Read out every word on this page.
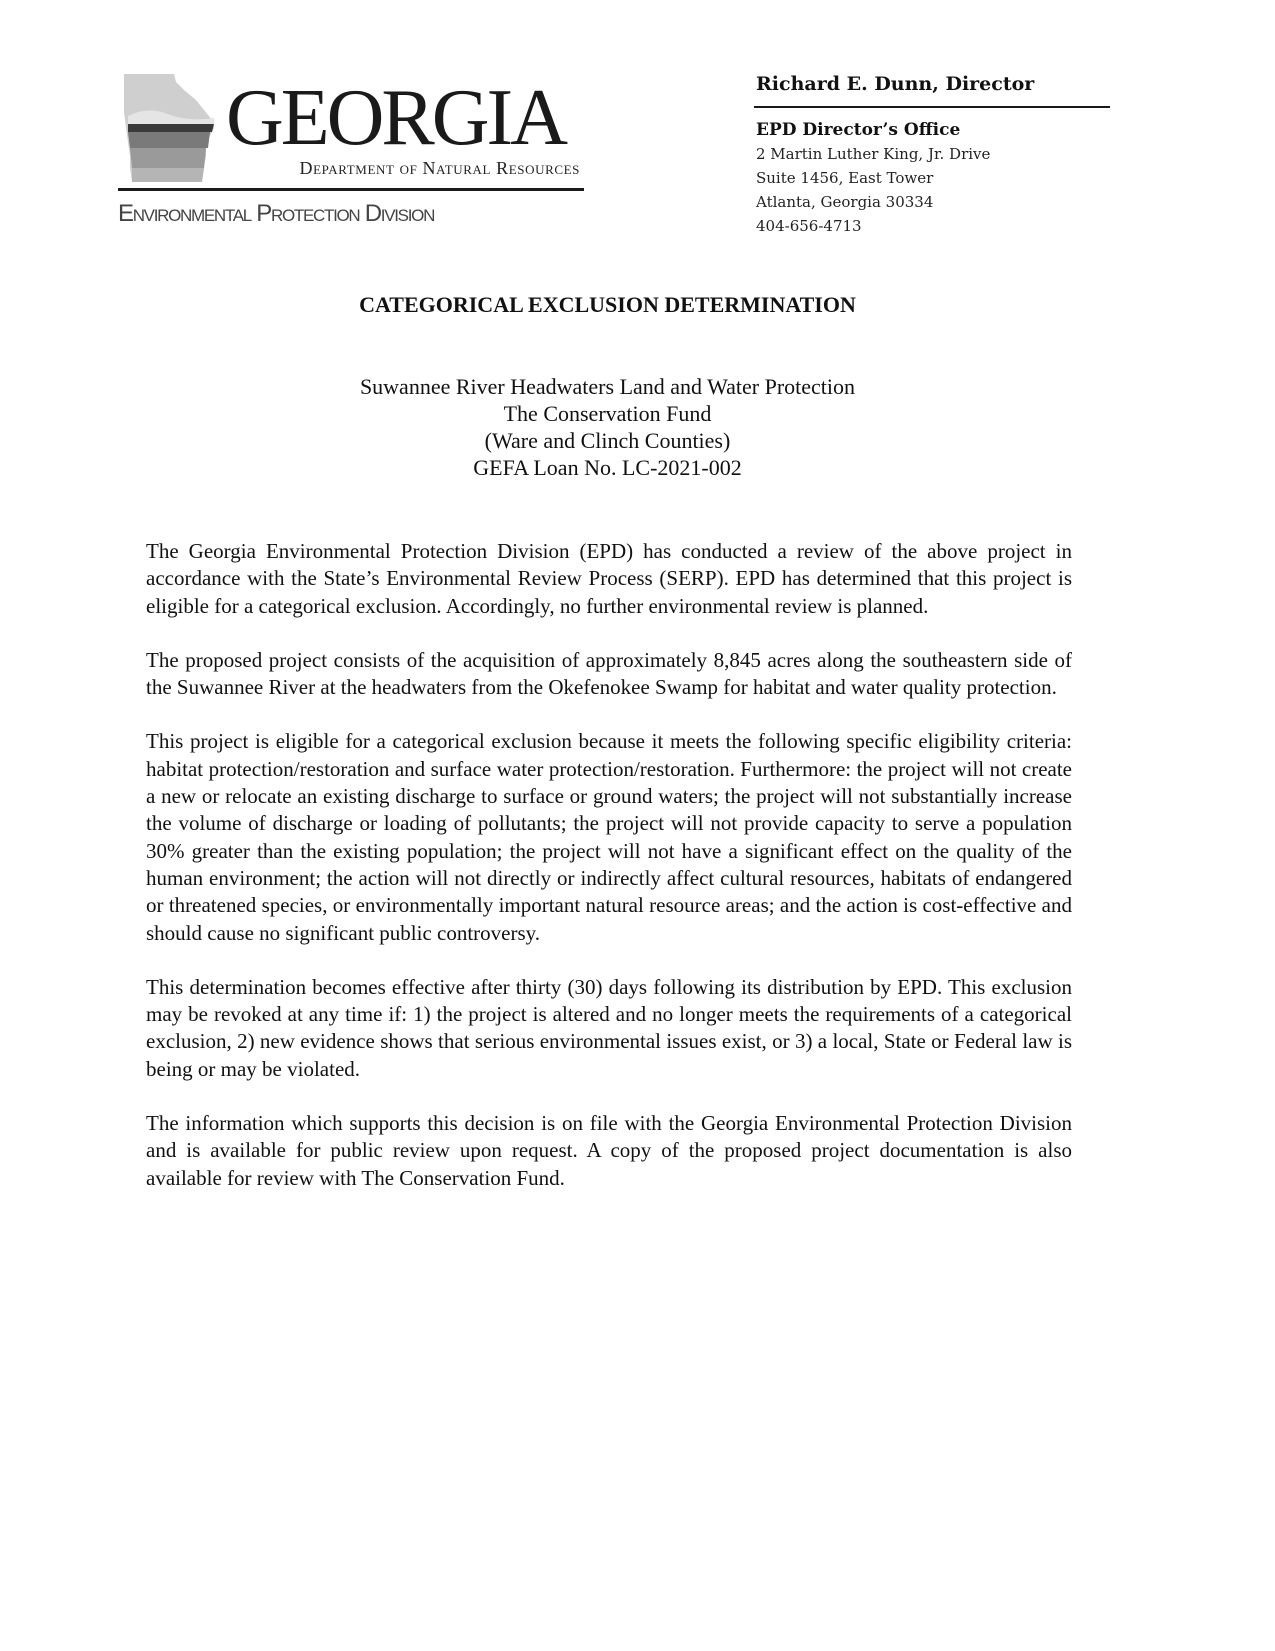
GEORGIA
Department of Natural Resources
Environmental Protection Division
Richard E. Dunn, Director
EPD Director’s Office
2 Martin Luther King, Jr. Drive
Suite 1456, East Tower
Atlanta, Georgia 30334
404-656-4713
CATEGORICAL EXCLUSION DETERMINATION
Suwannee River Headwaters Land and Water Protection
The Conservation Fund
(Ware and Clinch Counties)
GEFA Loan No. LC-2021-002

The Georgia Environmental Protection Division (EPD) has conducted a review of the above project in accordance with the State’s Environmental Review Process (SERP). EPD has determined that this project is eligible for a categorical exclusion. Accordingly, no further environmental review is planned.

The proposed project consists of the acquisition of approximately 8,845 acres along the southeastern side of the Suwannee River at the headwaters from the Okefenokee Swamp for habitat and water quality protection.

This project is eligible for a categorical exclusion because it meets the following specific eligibility criteria: habitat protection/restoration and surface water protection/restoration. Furthermore: the project will not create a new or relocate an existing discharge to surface or ground waters; the project will not substantially increase the volume of discharge or loading of pollutants; the project will not provide capacity to serve a population 30% greater than the existing population; the project will not have a significant effect on the quality of the human environment; the action will not directly or indirectly affect cultural resources, habitats of endangered or threatened species, or environmentally important natural resource areas; and the action is cost-effective and should cause no significant public controversy.

This determination becomes effective after thirty (30) days following its distribution by EPD. This exclusion may be revoked at any time if: 1) the project is altered and no longer meets the requirements of a categorical exclusion, 2) new evidence shows that serious environmental issues exist, or 3) a local, State or Federal law is being or may be violated.

The information which supports this decision is on file with the Georgia Environmental Protection Division and is available for public review upon request. A copy of the proposed project documentation is also available for review with The Conservation Fund.
